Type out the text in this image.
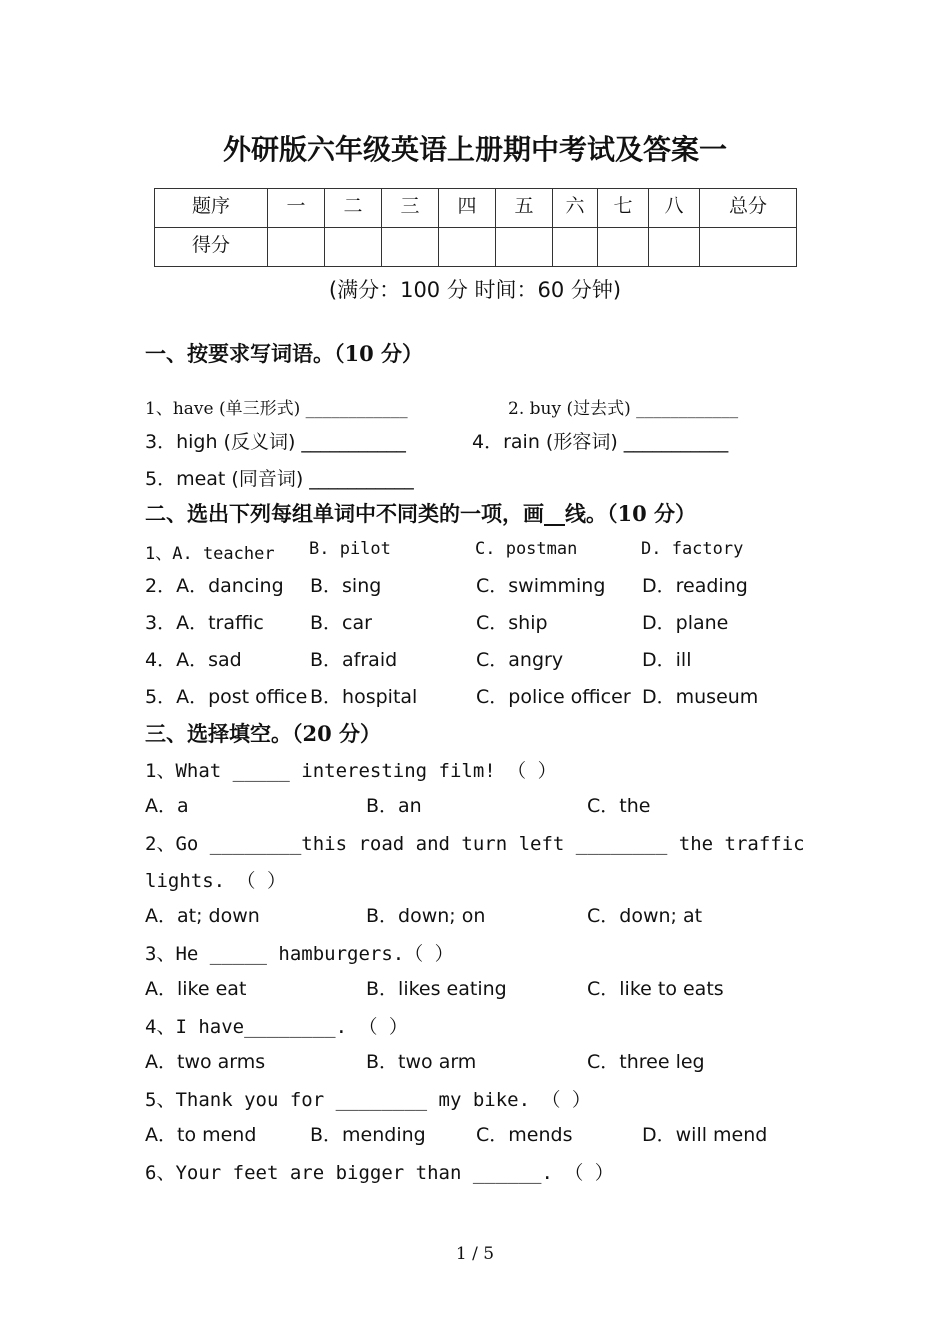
外研版六年级英语上册期中考试及答案一
题序	一	二	三	四	五	六	七	八	总分
得分									
(满分：100 分 时间：60 分钟)
一、按要求写词语。（10 分）
1、have (单三形式) ____________	2. buy (过去式) ____________
3．high (反义词) ___________	4．rain (形容词) ___________
5．meat (同音词) ___________
二、选出下列每组单词中不同类的一项，画__线。（10 分）
1、A. teacher B. pilot	C. postman	D. factory
2．A．dancing B．sing	C．swimming D．reading
3．A．traffic B．car	C．ship	D．plane
4．A．sad	B．afraid	C．angry	D．ill
5．A．post office B．hospital	C．police officer D．museum
三、选择填空。（20 分）
1、What _____ interesting film! （ ）
A．a	B．an	C．the
2、Go ________this road and turn left ________ the traffic
lights. （ ）
A．at; down	B．down; on	C．down; at
3、He _____ hamburgers.（ ）
A．like eat	B．likes eating	C．like to eats
4、I have________. （ ）
A．two arms	B．two arm	C．three leg
5、Thank you for ________ my bike. （ ）
A．to mend	B．mending	C．mends	D．will mend
6、Your feet are bigger than ______. （ ）
1 / 5
